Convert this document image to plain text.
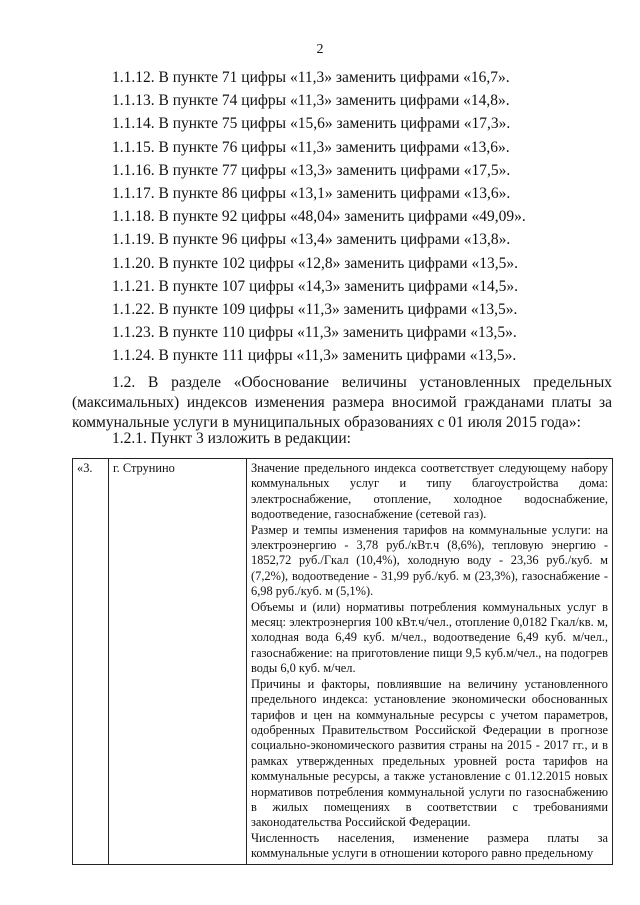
2
1.1.12. В пункте 71 цифры «11,3» заменить цифрами «16,7».
1.1.13. В пункте 74 цифры «11,3» заменить цифрами «14,8».
1.1.14. В пункте 75 цифры «15,6» заменить цифрами «17,3».
1.1.15. В пункте 76 цифры «11,3» заменить цифрами «13,6».
1.1.16. В пункте 77 цифры «13,3» заменить цифрами «17,5».
1.1.17. В пункте 86 цифры «13,1» заменить цифрами «13,6».
1.1.18. В пункте 92 цифры «48,04» заменить цифрами «49,09».
1.1.19. В пункте 96 цифры «13,4» заменить цифрами «13,8».
1.1.20. В пункте 102 цифры «12,8» заменить цифрами «13,5».
1.1.21. В пункте 107 цифры «14,3» заменить цифрами «14,5».
1.1.22. В пункте 109 цифры «11,3» заменить цифрами «13,5».
1.1.23. В пункте 110 цифры «11,3» заменить цифрами «13,5».
1.1.24. В пункте 111 цифры «11,3» заменить цифрами «13,5».

1.2. В разделе «Обоснование величины установленных предельных (максимальных) индексов изменения размера вносимой гражданами платы за коммунальные услуги в муниципальных образованиях с 01 июля 2015 года»:

1.2.1. Пункт 3 изложить в редакции:

«3.	г. Струнино	Значение предельного индекса соответствует следующему набору коммунальных услуг и типу благоустройства дома: электроснабжение, отопление, холодное водоснабжение, водоотведение, газоснабжение (сетевой газ).

Размер и темпы изменения тарифов на коммунальные услуги: на электроэнергию - 3,78 руб./кВт.ч (8,6%), тепловую энергию - 1852,72 руб./Гкал (10,4%), холодную воду - 23,36 руб./куб. м (7,2%), водоотведение - 31,99 руб./куб. м (23,3%), газоснабжение - 6,98 руб./куб. м (5,1%).

Объемы и (или) нормативы потребления коммунальных услуг в месяц: электроэнергия 100 кВт.ч/чел., отопление 0,0182 Гкал/кв. м, холодная вода 6,49 куб. м/чел., водоотведение 6,49 куб. м/чел., газоснабжение: на приготовление пищи 9,5 куб.м/чел., на подогрев воды 6,0 куб. м/чел.

Причины и факторы, повлиявшие на величину установленного предельного индекса: установление экономически обоснованных тарифов и цен на коммунальные ресурсы с учетом параметров, одобренных Правительством Российской Федерации в прогнозе социально-экономического развития страны на 2015 - 2017 гг., и в рамках утвержденных предельных уровней роста тарифов на коммунальные ресурсы, а также установление с 01.12.2015 новых нормативов потребления коммунальной услуги по газоснабжению в жилых помещениях в соответствии с требованиями законодательства Российской Федерации.

Численность населения, изменение размера платы за коммунальные услуги в отношении которого равно предельному
